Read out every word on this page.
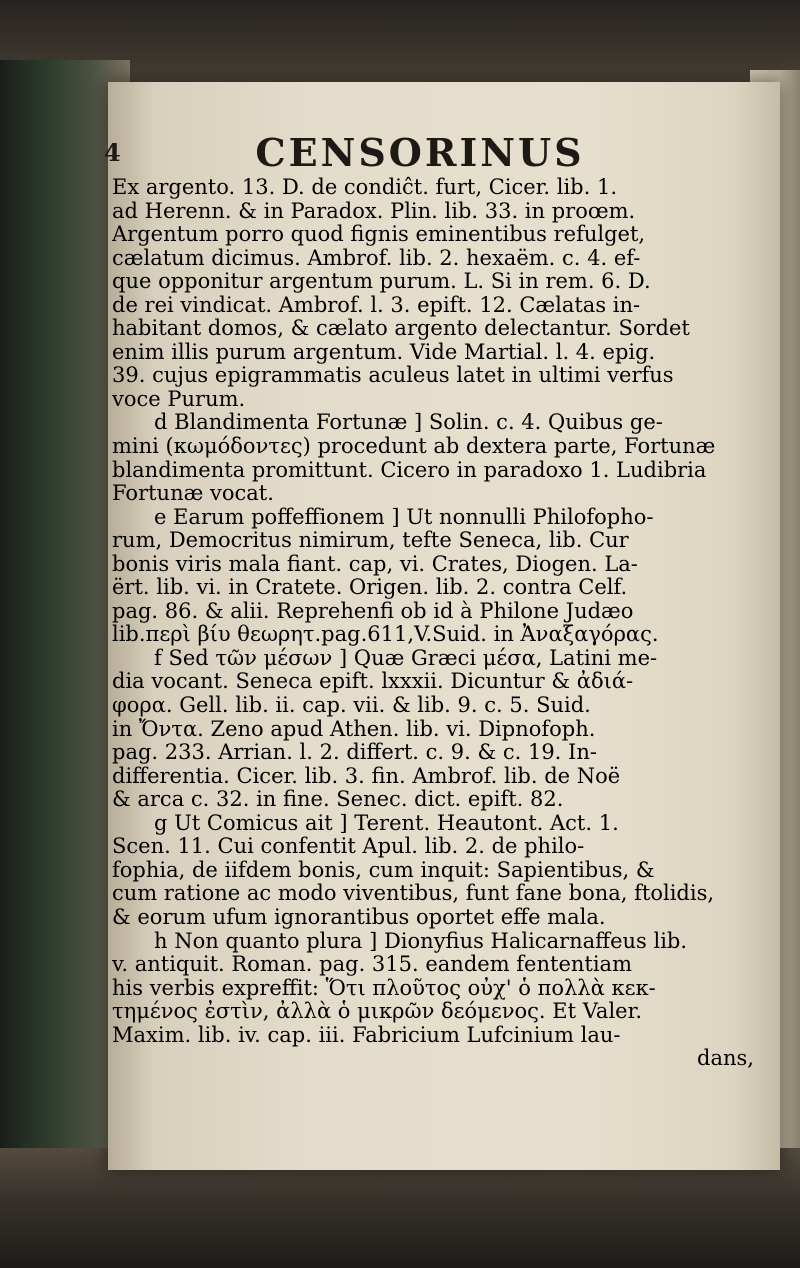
4	CENSORINUS
Ex argento. 13. D. de condiĉt. furt, Cicer. lib. 1.
ad Herenn. & in Paradox. Plin. lib. 33. in proœm.
Argentum porro quod fignis eminentibus refulget,
cælatum dicimus. Ambrof. lib. 2. hexaëm. c. 4. ef-
que opponitur argentum purum. L. Si in rem. 6. D.
de rei vindicat. Ambrof. l. 3. epift. 12. Cælatas in-
habitant domos, & cælato argento delectantur. Sordet
enim illis purum argentum. Vide Martial. l. 4. epig.
39. cujus epigrammatis aculeus latet in ultimi verfus
voce Purum.
d Blandimenta Fortunæ ] Solin. c. 4. Quibus ge-
mini (κωμόδοντες) procedunt ab dextera parte, Fortunæ
blandimenta promittunt. Cicero in paradoxo 1. Ludibria
Fortunæ vocat.
e Earum poffeffionem ] Ut nonnulli Philofopho-
rum, Democritus nimirum, tefte Seneca, lib. Cur
bonis viris mala fiant. cap, vi. Crates, Diogen. La-
ërt. lib. vi. in Cratete. Origen. lib. 2. contra Celf.
pag. 86. & alii. Reprehenfi ob id à Philone Judæo
lib.περὶ βίυ θεωρητ.pag.611,V.Suid. in Ἀναξαγόρας.
f Sed τῶν μέσων ] Quæ Græci μέσα, Latini me-
dia vocant. Seneca epift. lxxxii. Dicuntur & ἀδιά-
φορα. Gell. lib. ii. cap. vii. & lib. 9. c. 5. Suid.
in Ὄντα. Zeno apud Athen. lib. vi. Dipnofoph.
pag. 233. Arrian. l. 2. differt. c. 9. & c. 19. In-
differentia. Cicer. lib. 3. fin. Ambrof. lib. de Noë
& arca c. 32. in fine. Senec. dict. epift. 82.
g Ut Comicus ait ] Terent. Heautont. Act. 1.
Scen. 11. Cui confentit Apul. lib. 2. de philo-
fophia, de iifdem bonis, cum inquit: Sapientibus, &
cum ratione ac modo viventibus, funt fane bona, ftolidis,
& eorum ufum ignorantibus oportet effe mala.
h Non quanto plura ] Dionyfius Halicarnaffeus lib.
v. antiquit. Roman. pag. 315. eandem fententiam
his verbis expreffit: Ὅτι πλοῦτος οὐχ' ὁ πολλὰ κεκ-
τημένος ἐστὶν, ἀλλὰ ὁ μικρῶν δεόμενος. Et Valer.
Maxim. lib. iv. cap. iii. Fabricium Lufcinium lau-
dans,
